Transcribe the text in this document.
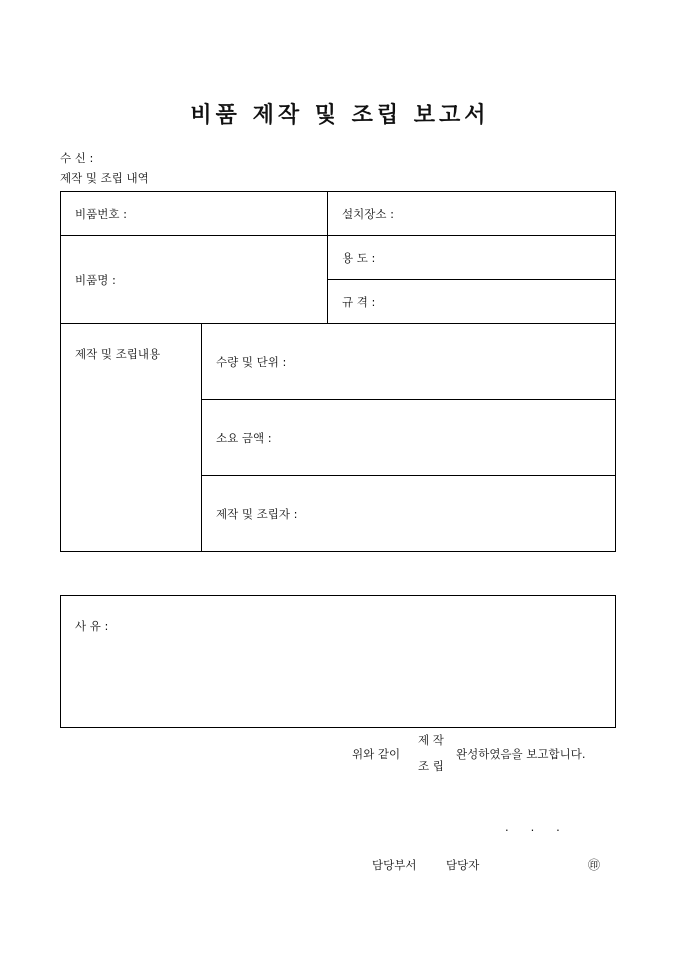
비품 제작 및 조립 보고서
수 신 :
제작 및 조립 내역
비품번호 :		설치장소 :
비품명 :		용 도 :
		규 격 :
제작 및 조립내용	수량 및 단위 :	
	소요 금액 :	
	제작 및 조립자 :	
사 유 :
위와 같이
제 작
조 립
완성하였음을 보고합니다.
.      .      .
담당부서	담당자	㊞
